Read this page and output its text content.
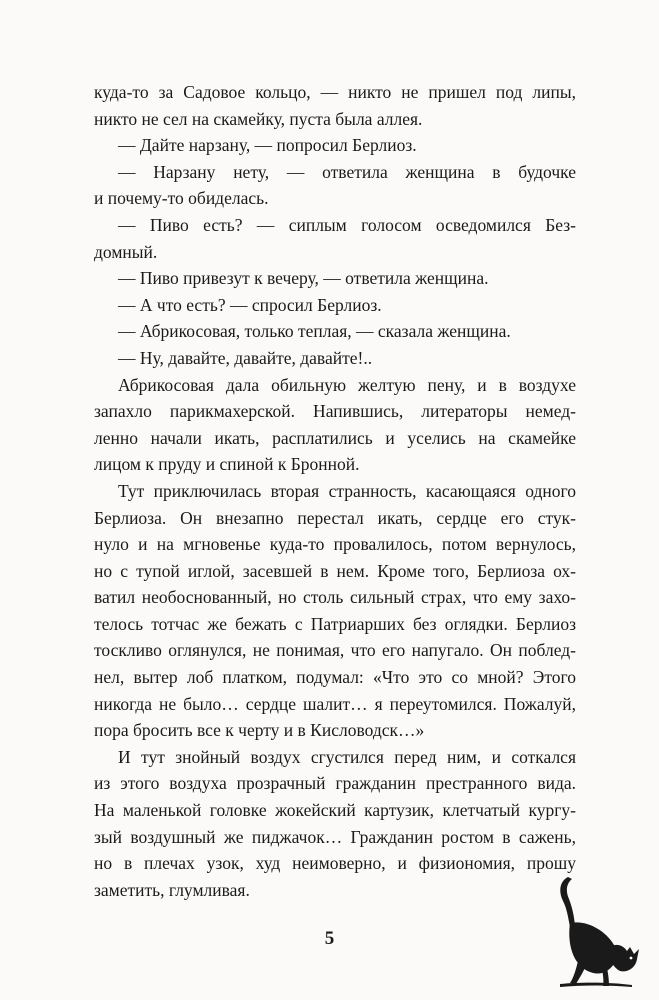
куда-то за Садовое кольцо, — никто не пришел под липы,
никто не сел на скамейку, пуста была аллея.
— Дайте нарзану, — попросил Берлиоз.
— Нарзану нету, — ответила женщина в будочке
и почему-то обиделась.
— Пиво есть? — сиплым голосом осведомился Без-
домный.
— Пиво привезут к вечеру, — ответила женщина.
— А что есть? — спросил Берлиоз.
— Абрикосовая, только теплая, — сказала женщина.
— Ну, давайте, давайте, давайте!..
Абрикосовая дала обильную желтую пену, и в воздухе
запахло парикмахерской. Напившись, литераторы немед-
ленно начали икать, расплатились и уселись на скамейке
лицом к пруду и спиной к Бронной.
Тут приключилась вторая странность, касающаяся одного
Берлиоза. Он внезапно перестал икать, сердце его стук-
нуло и на мгновенье куда-то провалилось, потом вернулось,
но с тупой иглой, засевшей в нем. Кроме того, Берлиоза ох-
ватил необоснованный, но столь сильный страх, что ему захо-
телось тотчас же бежать с Патриарших без оглядки. Берлиоз
тоскливо оглянулся, не понимая, что его напугало. Он поблед-
нел, вытер лоб платком, подумал: «Что это со мной? Этого
никогда не было… сердце шалит… я переутомился. Пожалуй,
пора бросить все к черту и в Кисловодск…»
И тут знойный воздух сгустился перед ним, и соткался
из этого воздуха прозрачный гражданин престранного вида.
На маленькой головке жокейский картузик, клетчатый кургу-
зый воздушный же пиджачок… Гражданин ростом в сажень,
но в плечах узок, худ неимоверно, и физиономия, прошу
заметить, глумливая.
5
